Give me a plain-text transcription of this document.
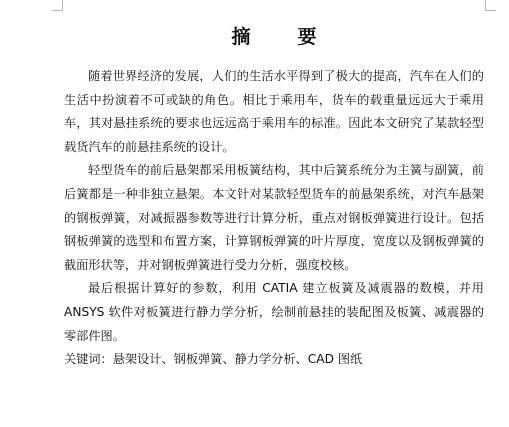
摘　要

随着世界经济的发展，人们的生活水平得到了极大的提高，汽车在人们的生活中扮演着不可或缺的角色。相比于乘用车，货车的载重量远远大于乘用车，其对悬挂系统的要求也远远高于乘用车的标准。因此本文研究了某款轻型载货汽车的前悬挂系统的设计。

轻型货车的前后悬架都采用板簧结构，其中后簧系统分为主簧与副簧，前后簧都是一种非独立悬架。本文针对某款轻型货车的前悬架系统，对汽车悬架的钢板弹簧，对减振器参数等进行计算分析，重点对钢板弹簧进行设计。包括钢板弹簧的选型和布置方案，计算钢板弹簧的叶片厚度，宽度以及钢板弹簧的截面形状等，并对钢板弹簧进行受力分析，强度校核。

最后根据计算好的参数，利用 CATIA 建立板簧及减震器的数模，并用 ANSYS 软件对板簧进行静力学分析，绘制前悬挂的装配图及板簧、减震器的零部件图。

关键词：悬架设计、钢板弹簧、静力学分析、CAD 图纸
